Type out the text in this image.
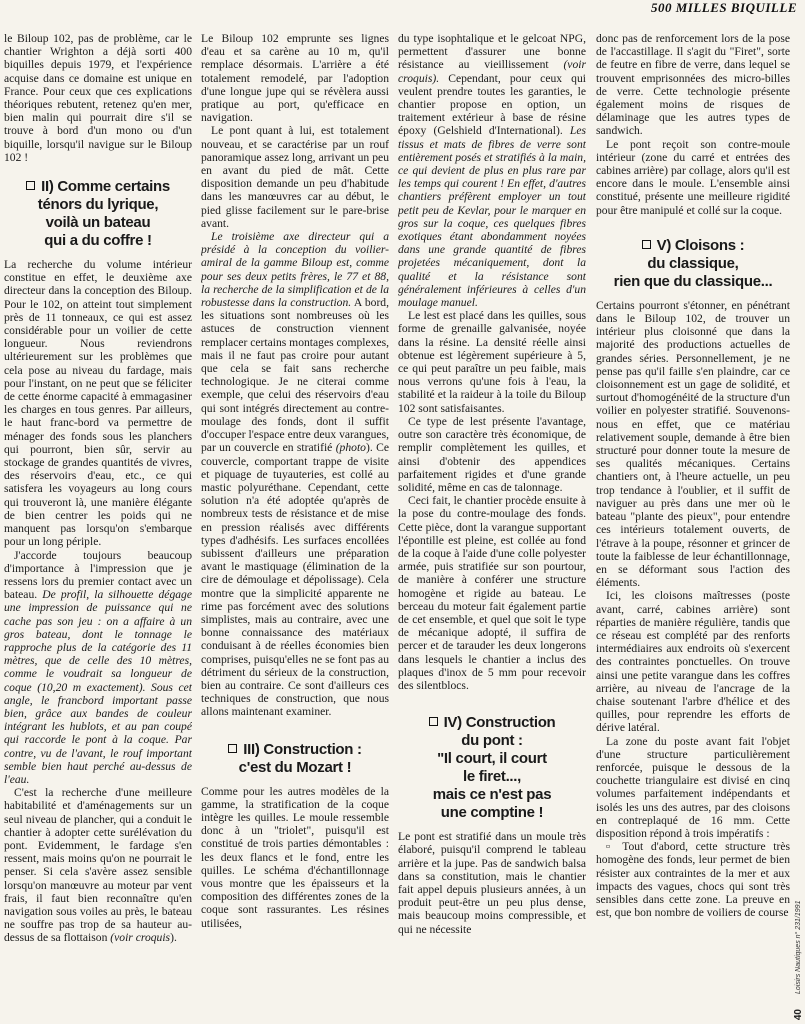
500 MILLES BIQUILLE

le Biloup 102, pas de problème, car le chantier Wrighton a déjà sorti 400 biquilles depuis 1979, et l'expérience acquise dans ce domaine est unique en France. Pour ceux que ces explications théoriques rebutent, retenez qu'en mer, bien malin qui pourrait dire s'il se trouve à bord d'un mono ou d'un biquille, lorsqu'il navigue sur le Biloup 102 !

II) Comme certains
ténors du lyrique,
voilà un bateau
qui a du coffre !

La recherche du volume intérieur constitue en effet, le deuxième axe directeur dans la conception des Biloup. Pour le 102, on atteint tout simplement près de 11 tonneaux, ce qui est assez considérable pour un voilier de cette longueur. Nous reviendrons ultérieurement sur les problèmes que cela pose au niveau du fardage, mais pour l'instant, on ne peut que se féliciter de cette énorme capacité à emmagasiner les charges en tous genres. Par ailleurs, le haut franc-bord va permettre de ménager des fonds sous les planchers qui pourront, bien sûr, servir au stockage de grandes quantités de vivres, des réservoirs d'eau, etc., ce qui satisfera les voyageurs au long cours qui trouveront là, une manière élégante de bien centrer les poids qui ne manquent pas lorsqu'on s'embarque pour un long périple.

J'accorde toujours beaucoup d'importance à l'impression que je ressens lors du premier contact avec un bateau. De profil, la silhouette dégage une impression de puissance qui ne cache pas son jeu : on a affaire à un gros bateau, dont le tonnage le rapproche plus de la catégorie des 11 mètres, que de celle des 10 mètres, comme le voudrait sa longueur de coque (10,20 m exactement). Sous cet angle, le francbord important passe bien, grâce aux bandes de couleur intégrant les hublots, et au pan coupé qui raccorde le pont à la coque. Par contre, vu de l'avant, le rouf important semble bien haut perché au-dessus de l'eau.

C'est la recherche d'une meilleure habitabilité et d'aménagements sur un seul niveau de plancher, qui a conduit le chantier à adopter cette surélévation du pont. Evidemment, le fardage s'en ressent, mais moins qu'on ne pourrait le penser. Si cela s'avère assez sensible lorsqu'on manœuvre au moteur par vent frais, il faut bien reconnaître qu'en navigation sous voiles au près, le bateau ne souffre pas trop de sa hauteur au-dessus de sa flottaison (voir croquis).

Le Biloup 102 emprunte ses lignes d'eau et sa carène au 10 m, qu'il remplace désormais. L'arrière a été totalement remodelé, par l'adoption d'une longue jupe qui se révèlera aussi pratique au port, qu'efficace en navigation.

Le pont quant à lui, est totalement nouveau, et se caractérise par un rouf panoramique assez long, arrivant un peu en avant du pied de mât. Cette disposition demande un peu d'habitude dans les manœuvres car au début, le pied glisse facilement sur le pare-brise avant.

Le troisième axe directeur qui a présidé à la conception du voilier-amiral de la gamme Biloup est, comme pour ses deux petits frères, le 77 et 88, la recherche de la simplification et de la robustesse dans la construction. A bord, les situations sont nombreuses où les astuces de construction viennent remplacer certains montages complexes, mais il ne faut pas croire pour autant que cela se fait sans recherche technologique. Je ne citerai comme exemple, que celui des réservoirs d'eau qui sont intégrés directement au contre-moulage des fonds, dont il suffit d'occuper l'espace entre deux varangues, par un couvercle en stratifié (photo). Ce couvercle, comportant trappe de visite et piquage de tuyauteries, est collé au mastic polyuréthane. Cependant, cette solution n'a été adoptée qu'après de nombreux tests de résistance et de mise en pression réalisés avec différents types d'adhésifs. Les surfaces encollées subissent d'ailleurs une préparation avant le mastiquage (élimination de la cire de démoulage et dépolissage). Cela montre que la simplicité apparente ne rime pas forcément avec des solutions simplistes, mais au contraire, avec une bonne connaissance des matériaux conduisant à de réelles économies bien comprises, puisqu'elles ne se font pas au détriment du sérieux de la construction, bien au contraire. Ce sont d'ailleurs ces techniques de construction, que nous allons maintenant examiner.

III) Construction :
c'est du Mozart !

Comme pour les autres modèles de la gamme, la stratification de la coque intègre les quilles. Le moule ressemble donc à un "triolet", puisqu'il est constitué de trois parties démontables : les deux flancs et le fond, entre les quilles. Le schéma d'échantillonnage vous montre que les épaisseurs et la composition des différentes zones de la coque sont rassurantes. Les résines utilisées,

du type isophtalique et le gelcoat NPG, permettent d'assurer une bonne résistance au vieillissement (voir croquis). Cependant, pour ceux qui veulent prendre toutes les garanties, le chantier propose en option, un traitement extérieur à base de résine époxy (Gelshield d'International). Les tissus et mats de fibres de verre sont entièrement posés et stratifiés à la main, ce qui devient de plus en plus rare par les temps qui courent ! En effet, d'autres chantiers préfèrent employer un tout petit peu de Kevlar, pour le marquer en gros sur la coque, ces quelques fibres exotiques étant abondamment noyées dans une grande quantité de fibres projetées mécaniquement, dont la qualité et la résistance sont généralement inférieures à celles d'un moulage manuel.

Le lest est placé dans les quilles, sous forme de grenaille galvanisée, noyée dans la résine. La densité réelle ainsi obtenue est légèrement supérieure à 5, ce qui peut paraître un peu faible, mais nous verrons qu'une fois à l'eau, la stabilité et la raideur à la toile du Biloup 102 sont satisfaisantes.

Ce type de lest présente l'avantage, outre son caractère très économique, de remplir complètement les quilles, et ainsi d'obtenir des appendices parfaitement rigides et d'une grande solidité, même en cas de talonnage.

Ceci fait, le chantier procède ensuite à la pose du contre-moulage des fonds. Cette pièce, dont la varangue supportant l'épontille est pleine, est collée au fond de la coque à l'aide d'une colle polyester armée, puis stratifiée sur son pourtour, de manière à conférer une structure homogène et rigide au bateau. Le berceau du moteur fait également partie de cet ensemble, et quel que soit le type de mécanique adopté, il suffira de percer et de tarauder les deux longerons dans lesquels le chantier a inclus des plaques d'inox de 5 mm pour recevoir des silentblocs.

IV) Construction
du pont :
"Il court, il court
le firet...,
mais ce n'est pas
une comptine !

Le pont est stratifié dans un moule très élaboré, puisqu'il comprend le tableau arrière et la jupe. Pas de sandwich balsa dans sa constitution, mais le chantier fait appel depuis plusieurs années, à un produit peut-être un peu plus dense, mais beaucoup moins compressible, et qui ne nécessite

donc pas de renforcement lors de la pose de l'accastillage. Il s'agit du "Firet", sorte de feutre en fibre de verre, dans lequel se trouvent emprisonnées des micro-billes de verre. Cette technologie présente également moins de risques de délaminage que les autres types de sandwich.

Le pont reçoit son contre-moule intérieur (zone du carré et entrées des cabines arrière) par collage, alors qu'il est encore dans le moule. L'ensemble ainsi constitué, présente une meilleure rigidité pour être manipulé et collé sur la coque.

V) Cloisons :
du classique,
rien que du classique...

Certains pourront s'étonner, en pénétrant dans le Biloup 102, de trouver un intérieur plus cloisonné que dans la majorité des productions actuelles de grandes séries. Personnellement, je ne pense pas qu'il faille s'en plaindre, car ce cloisonnement est un gage de solidité, et surtout d'homogénéité de la structure d'un voilier en polyester stratifié. Souvenons-nous en effet, que ce matériau relativement souple, demande à être bien structuré pour donner toute la mesure de ses qualités mécaniques. Certains chantiers ont, à l'heure actuelle, un peu trop tendance à l'oublier, et il suffit de naviguer au près dans une mer où le bateau "plante des pieux", pour entendre ces intérieurs totalement ouverts, de l'étrave à la poupe, résonner et grincer de toute la faiblesse de leur échantillonnage, en se déformant sous l'action des éléments.

Ici, les cloisons maîtresses (poste avant, carré, cabines arrière) sont réparties de manière régulière, tandis que ce réseau est complété par des renforts intermédiaires aux endroits où s'exercent des contraintes ponctuelles. On trouve ainsi une petite varangue dans les coffres arrière, au niveau de l'ancrage de la chaise soutenant l'arbre d'hélice et des quilles, pour reprendre les efforts de dérive latéral.

La zone du poste avant fait l'objet d'une structure particulièrement renforcée, puisque le dessous de la couchette triangulaire est divisé en cinq volumes parfaitement indépendants et isolés les uns des autres, par des cloisons en contreplaqué de 16 mm. Cette disposition répond à trois impératifs :

▫ Tout d'abord, cette structure très homogène des fonds, leur permet de bien résister aux contraintes de la mer et aux impacts des vagues, chocs qui sont très sensibles dans cette zone. La preuve en est, que bon nombre de voiliers de course Loisirs Nautiques n° 231/1991
40
